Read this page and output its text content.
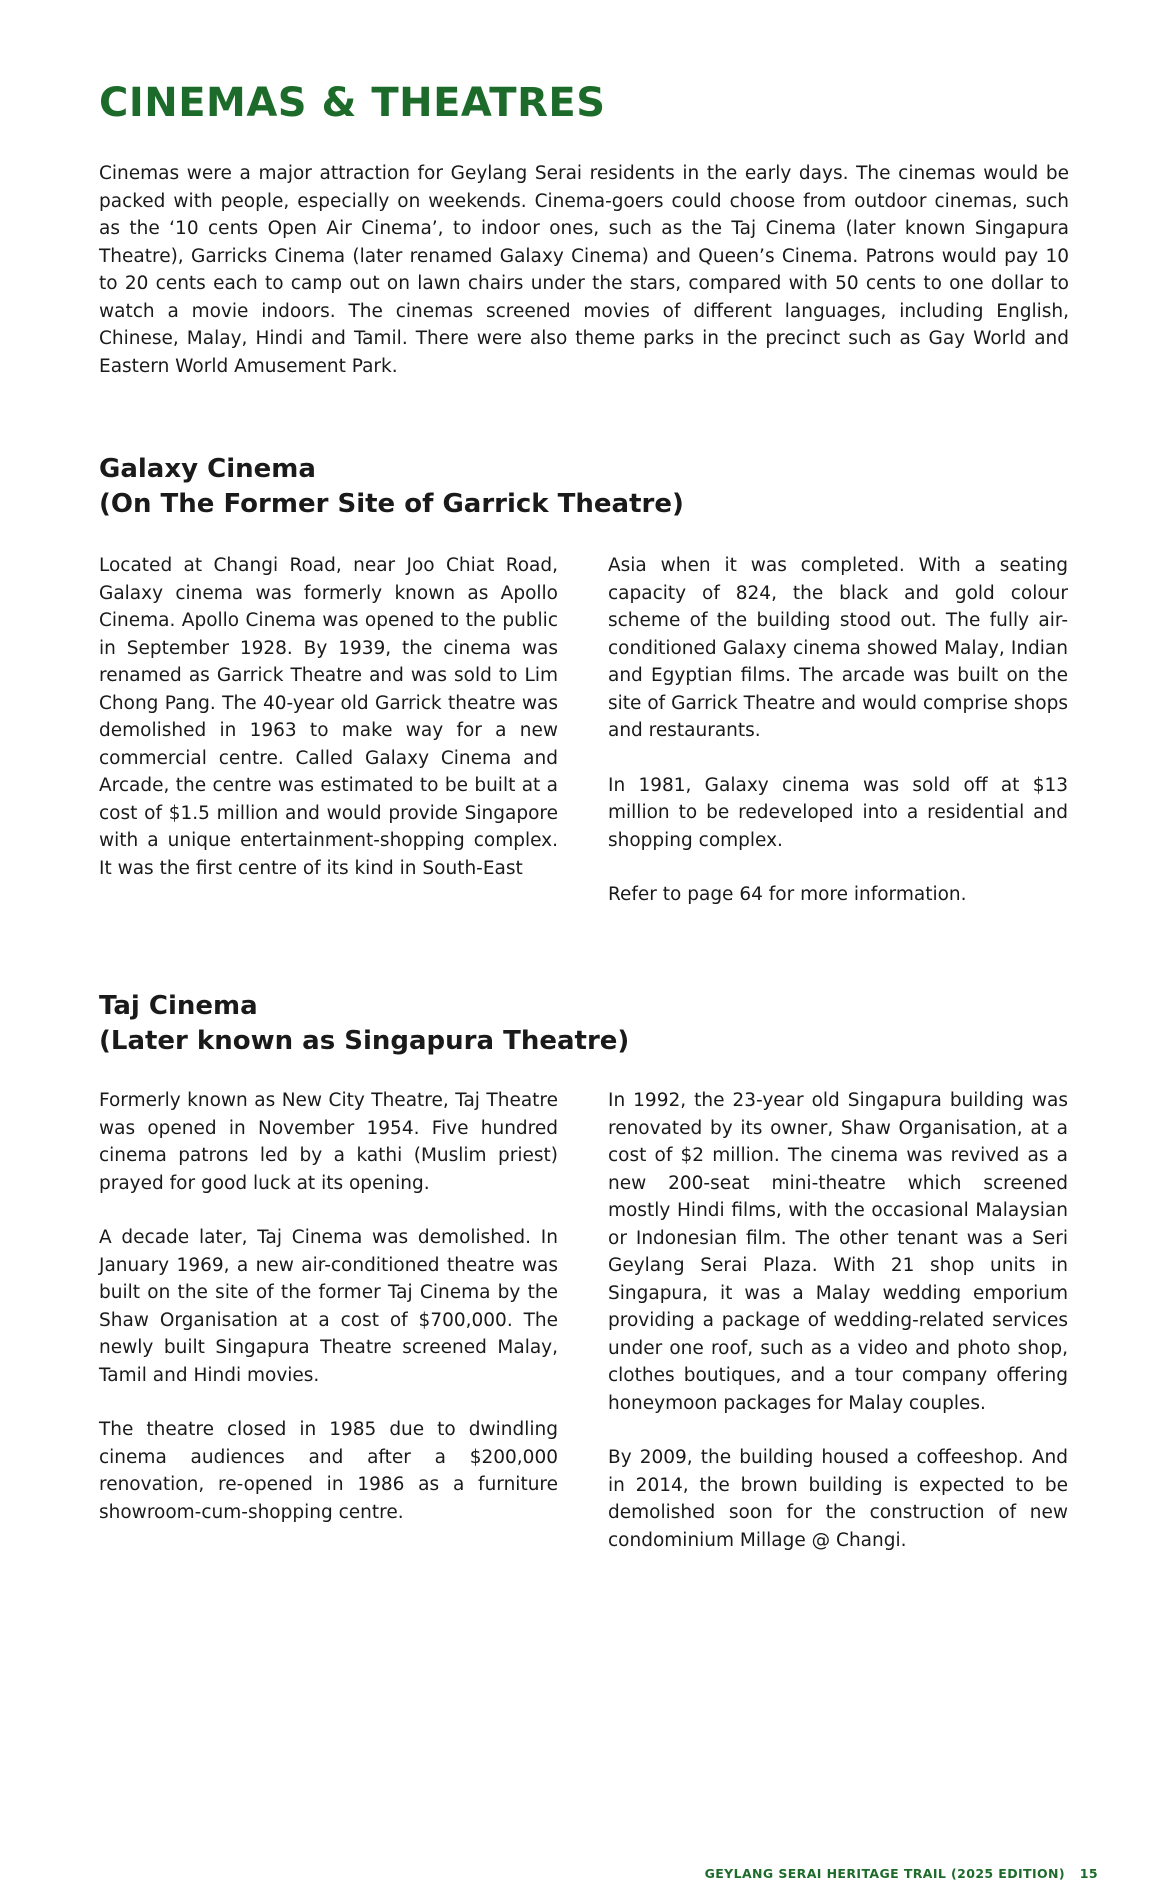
CINEMAS & THEATRES

Cinemas were a major attraction for Geylang Serai residents in the early days. The cinemas would be packed with people, especially on weekends. Cinema-goers could choose from outdoor cinemas, such as the ‘10 cents Open Air Cinema’, to indoor ones, such as the Taj Cinema (later known Singapura Theatre), Garricks Cinema (later renamed Galaxy Cinema) and Queen’s Cinema. Patrons would pay 10 to 20 cents each to camp out on lawn chairs under the stars, compared with 50 cents to one dollar to watch a movie indoors. The cinemas screened movies of different languages, including English, Chinese, Malay, Hindi and Tamil. There were also theme parks in the precinct such as Gay World and Eastern World Amusement Park.

Galaxy Cinema
(On The Former Site of Garrick Theatre)

Located at Changi Road, near Joo Chiat Road, Galaxy cinema was formerly known as Apollo Cinema. Apollo Cinema was opened to the public in September 1928. By 1939, the cinema was renamed as Garrick Theatre and was sold to Lim Chong Pang. The 40-year old Garrick theatre was demolished in 1963 to make way for a new commercial centre. Called Galaxy Cinema and Arcade, the centre was estimated to be built at a cost of $1.5 million and would provide Singapore with a unique entertainment-shopping complex. It was the first centre of its kind in South-East

Asia when it was completed. With a seating capacity of 824, the black and gold colour scheme of the building stood out. The fully air-conditioned Galaxy cinema showed Malay, Indian and Egyptian films. The arcade was built on the site of Garrick Theatre and would comprise shops and restaurants.

In 1981, Galaxy cinema was sold off at $13 million to be redeveloped into a residential and shopping complex.

Refer to page 64 for more information.

Taj Cinema
(Later known as Singapura Theatre)

Formerly known as New City Theatre, Taj Theatre was opened in November 1954. Five hundred cinema patrons led by a kathi (Muslim priest) prayed for good luck at its opening.

A decade later, Taj Cinema was demolished. In January 1969, a new air-conditioned theatre was built on the site of the former Taj Cinema by the Shaw Organisation at a cost of $700,000. The newly built Singapura Theatre screened Malay, Tamil and Hindi movies.

The theatre closed in 1985 due to dwindling cinema audiences and after a $200,000 renovation, re-opened in 1986 as a furniture showroom-cum-shopping centre.

In 1992, the 23-year old Singapura building was renovated by its owner, Shaw Organisation, at a cost of $2 million. The cinema was revived as a new 200-seat mini-theatre which screened mostly Hindi films, with the occasional Malaysian or Indonesian film. The other tenant was a Seri Geylang Serai Plaza. With 21 shop units in Singapura, it was a Malay wedding emporium providing a package of wedding-related services under one roof, such as a video and photo shop, clothes boutiques, and a tour company offering honeymoon packages for Malay couples.

By 2009, the building housed a coffeeshop. And in 2014, the brown building is expected to be demolished soon for the construction of new condominium Millage @ Changi.

GEYLANG SERAI HERITAGE TRAIL (2025 EDITION) 15
